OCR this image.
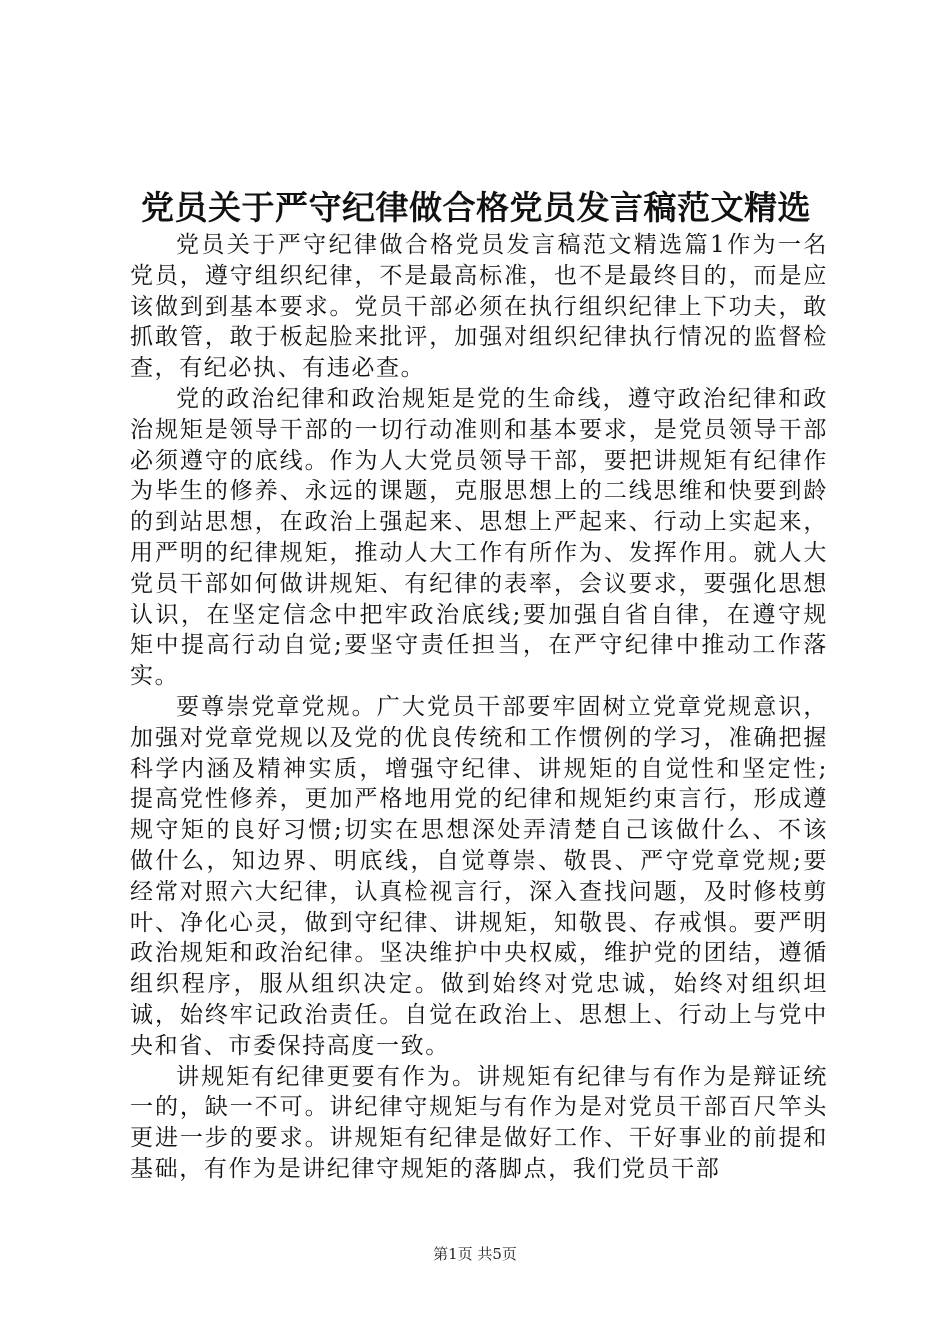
党员关于严守纪律做合格党员发言稿范文精选

党员关于严守纪律做合格党员发言稿范文精选篇1作为一名党员，遵守组织纪律，不是最高标准，也不是最终目的，而是应该做到到基本要求。党员干部必须在执行组织纪律上下功夫，敢抓敢管，敢于板起脸来批评，加强对组织纪律执行情况的监督检查，有纪必执、有违必查。

党的政治纪律和政治规矩是党的生命线，遵守政治纪律和政治规矩是领导干部的一切行动准则和基本要求，是党员领导干部必须遵守的底线。作为人大党员领导干部，要把讲规矩有纪律作为毕生的修养、永远的课题，克服思想上的二线思维和快要到龄的到站思想，在政治上强起来、思想上严起来、行动上实起来，用严明的纪律规矩，推动人大工作有所作为、发挥作用。就人大党员干部如何做讲规矩、有纪律的表率，会议要求，要强化思想认识，在坚定信念中把牢政治底线;要加强自省自律，在遵守规矩中提高行动自觉;要坚守责任担当，在严守纪律中推动工作落实。

要尊崇党章党规。广大党员干部要牢固树立党章党规意识，加强对党章党规以及党的优良传统和工作惯例的学习，准确把握科学内涵及精神实质，增强守纪律、讲规矩的自觉性和坚定性;提高党性修养，更加严格地用党的纪律和规矩约束言行，形成遵规守矩的良好习惯;切实在思想深处弄清楚自己该做什么、不该做什么，知边界、明底线，自觉尊崇、敬畏、严守党章党规;要经常对照六大纪律，认真检视言行，深入查找问题，及时修枝剪叶、净化心灵，做到守纪律、讲规矩，知敬畏、存戒惧。要严明政治规矩和政治纪律。坚决维护中央权威，维护党的团结，遵循组织程序，服从组织决定。做到始终对党忠诚，始终对组织坦诚，始终牢记政治责任。自觉在政治上、思想上、行动上与党中央和省、市委保持高度一致。

讲规矩有纪律更要有作为。讲规矩有纪律与有作为是辩证统一的，缺一不可。讲纪律守规矩与有作为是对党员干部百尺竿头更进一步的要求。讲规矩有纪律是做好工作、干好事业的前提和基础，有作为是讲纪律守规矩的落脚点，我们党员干部

第1页 共5页
